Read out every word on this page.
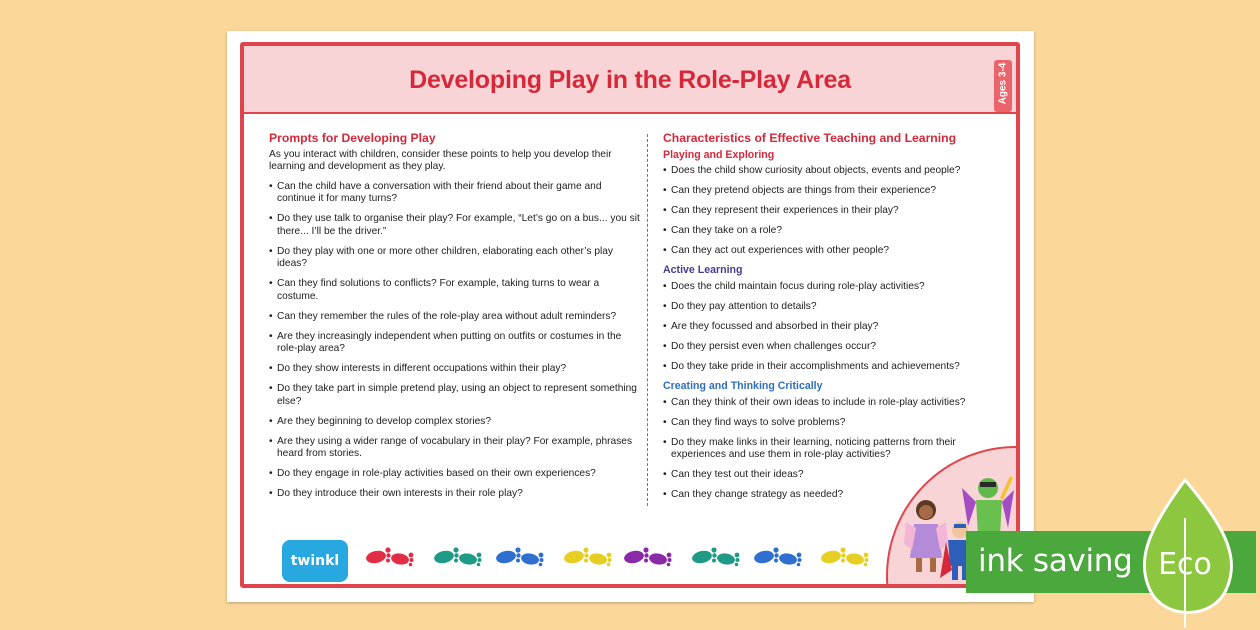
Developing Play in the Role-Play Area	Ages 3-4
Prompts for Developing Play
As you interact with children, consider these points to help you develop their learning and development as they play.
• Can the child have a conversation with their friend about their game and continue it for many turns?
• Do they use talk to organise their play? For example, “Let’s go on a bus... you sit there... I’ll be the driver.”
• Do they play with one or more other children, elaborating each other’s play ideas?
• Can they find solutions to conflicts? For example, taking turns to wear a costume.
• Can they remember the rules of the role-play area without adult reminders?
• Are they increasingly independent when putting on outfits or costumes in the role-play area?
• Do they show interests in different occupations within their play?
• Do they take part in simple pretend play, using an object to represent something else?
• Are they beginning to develop complex stories?
• Are they using a wider range of vocabulary in their play? For example, phrases heard from stories.
• Do they engage in role-play activities based on their own experiences?
• Do they introduce their own interests in their role play?
Characteristics of Effective Teaching and Learning
Playing and Exploring
• Does the child show curiosity about objects, events and people?
• Can they pretend objects are things from their experience?
• Can they represent their experiences in their play?
• Can they take on a role?
• Can they act out experiences with other people?
Active Learning
• Does the child maintain focus during role-play activities?
• Do they pay attention to details?
• Are they focussed and absorbed in their play?
• Do they persist even when challenges occur?
• Do they take pride in their accomplishments and achievements?
Creating and Thinking Critically
• Can they think of their own ideas to include in role-play activities?
• Can they find ways to solve problems?
• Do they make links in their learning, noticing patterns from their experiences and use them in role-play activities?
• Can they test out their ideas?
• Can they change strategy as needed?
twinkl	ink saving Eco
